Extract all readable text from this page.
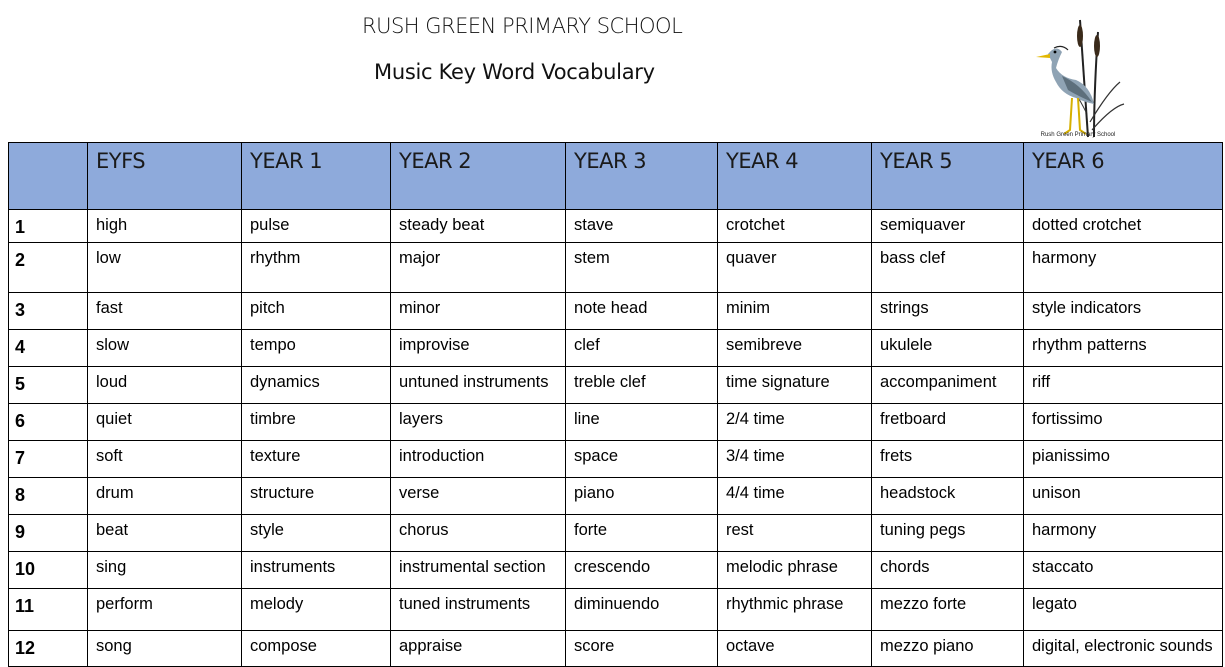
RUSH GREEN PRIMARY SCHOOL
Music Key Word Vocabulary
Rush Green Primary School
	EYFS	YEAR 1	YEAR 2	YEAR 3	YEAR 4	YEAR 5	YEAR 6
1	high	pulse	steady beat	stave	crotchet	semiquaver	dotted crotchet
2	low	rhythm	major	stem	quaver	bass clef	harmony
3	fast	pitch	minor	note head	minim	strings	style indicators
4	slow	tempo	improvise	clef	semibreve	ukulele	rhythm patterns
5	loud	dynamics	untuned instruments	treble clef	time signature	accompaniment	riff
6	quiet	timbre	layers	line	2/4 time	fretboard	fortissimo
7	soft	texture	introduction	space	3/4 time	frets	pianissimo
8	drum	structure	verse	piano	4/4 time	headstock	unison
9	beat	style	chorus	forte	rest	tuning pegs	harmony
10	sing	instruments	instrumental section	crescendo	melodic phrase	chords	staccato
11	perform	melody	tuned instruments	diminuendo	rhythmic phrase	mezzo forte	legato
12	song	compose	appraise	score	octave	mezzo piano	digital, electronic sounds
